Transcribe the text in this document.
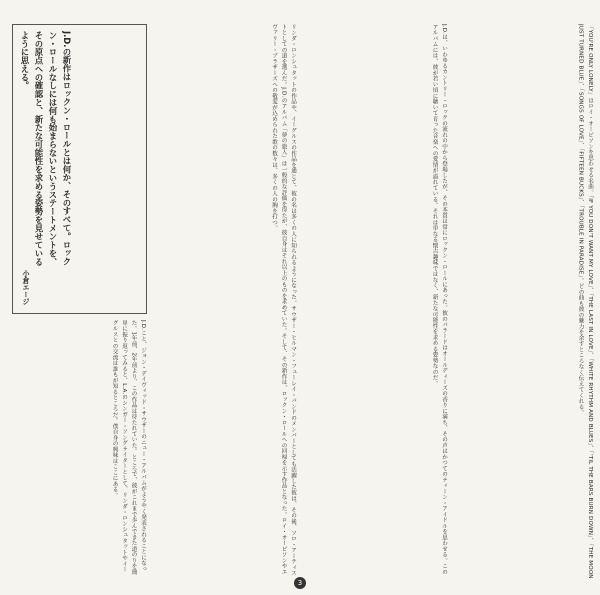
J.D.の新作はロックン・ロールとは何か、そのすべて。ロックン・ロールなしには何も始まらないというステートメントを、その原点への確認と、新たな可能性を求める姿勢を見せているように思える。
小倉エージ
J.D.こと、ジョン・デイヴィッド・サウザーのニュー・アルバムがようやく発表されることになった。1年前、2年前より、この作品は待たれていた。ところで、彼がこれまで歩んできた道のりを簡単に振り返ってみると、L.A.のシンガー・ソングライターとして、リンダ・ロンシュタットやイーグルスとの交流は誰もが知るところだ。僕自身の興味はここにある。	リンダ・ロンシュタットの作品や、イーグルスの作品を通じて、彼の名は多くの人に知られるようになった。サウザー・ヒルマン・フューレイ・バンドのメンバーとしても活躍した彼は、その後、ソロ・アーティストとしての道を選んだ。J.D.のアルバム「夢の旅人」は一般的な評価を得たが、彼自身はそれ以上のものを求めていた。そして、その新作は、ロックン・ロールへの回帰を示す作品となった。ロイ・オービソンやエヴァリー・ブラザーズへの敬愛が込められた歌の数々は、多くの人の胸を打つ。	J.D.は、いわゆるカントリー・ロックの流れの中から登場したが、その本質は常にロックン・ロールにあった。彼のバラードはオールディーズの香りに満ち、その声はかつてのティーン・アイドルを思わせる。このアルバムには、彼が若い頃に聴いて育った音楽への愛情が溢れている。それは単なる懐古趣味ではなく、新たな可能性を求める姿勢なのだ。	「YOU'RE ONLY LONELY」はロイ・オービソンを思わせる名曲。「IF YOU DON'T WANT MY LOVE」、「THE LAST IN LOVE」、「WHITE RHYTHM AND BLUES」、「'TIL THE BARS BURN DOWN」、「THE MOON JUST TURNED BLUE」、「SONGS OF LOVE」、「FIFTEEN BUCKS」、「TROUBLE IN PARADISE」。どの曲も彼の魅力を余すところなく伝えてくれる。
3
